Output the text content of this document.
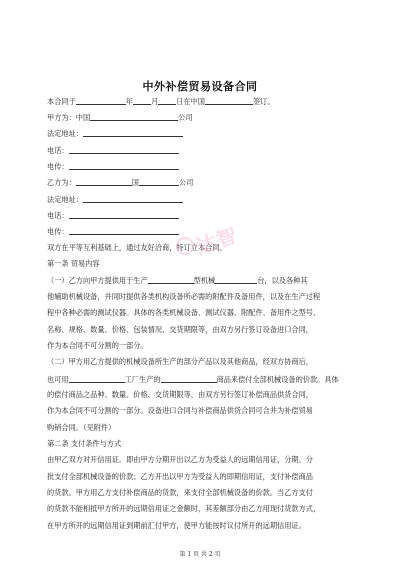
中外补偿贸易设备合同
本合同于	年	月	日在中国	签订。
甲方为：中国	公司
法定地址：
电话：
电传：
乙方为：	国	公司
法定地址：
电话：
电传：
双方在平等互利基础上，通过友好洽商，特订立本合同。
第一条 贸易内容
（一）乙方向甲方提供用于生产	型机械	台，以及各种其
他辅助机械设备，并同时提供各类机构设备所必需的附配件及备用件，以及在生产过程
程中各种必需的测试仪器。具体的各类机械设备、测试仪器、附配件、备用件之型号、
名称、规格、数量、价格、包装情况、交货期限等，由双方另行签订设备进口合同，
作为本合同不可分割的一部分。
（二）甲方用乙方提供的机械设备所生产的部分产品以及其他商品，经双方协商后，
也可用	工厂生产的	商品来偿付全部机械设备的价款。具体
的偿付商品之品种、数量、价格、交货期限等，由双方另行签订补偿商品供货合同，
作为本合同不可分割的一部分。设备进口合同与补偿商品供货合同可合并为补偿贸易
购销合同。（见附件）
第二条 支付条件与方式
由甲乙双方对开信用证。即由甲方分期开出以乙方为受益人的远期信用证，分期、分
批支付全部机械设备的价款；乙方开出以甲方为受益人的即期信用证，支付补偿商品
的货款。甲方用乙方支付补偿商品的货款，来支付全部机械设备的价款。当乙方支付
的货款不能相抵甲方所开的远期信用证之金额时，其差额部分由乙方用现付货款方式，
在甲方所开的远期信用证到期前汇付甲方，使甲方能按时议付所开的远期信用证。
达智
第 1 页 共 2 页
